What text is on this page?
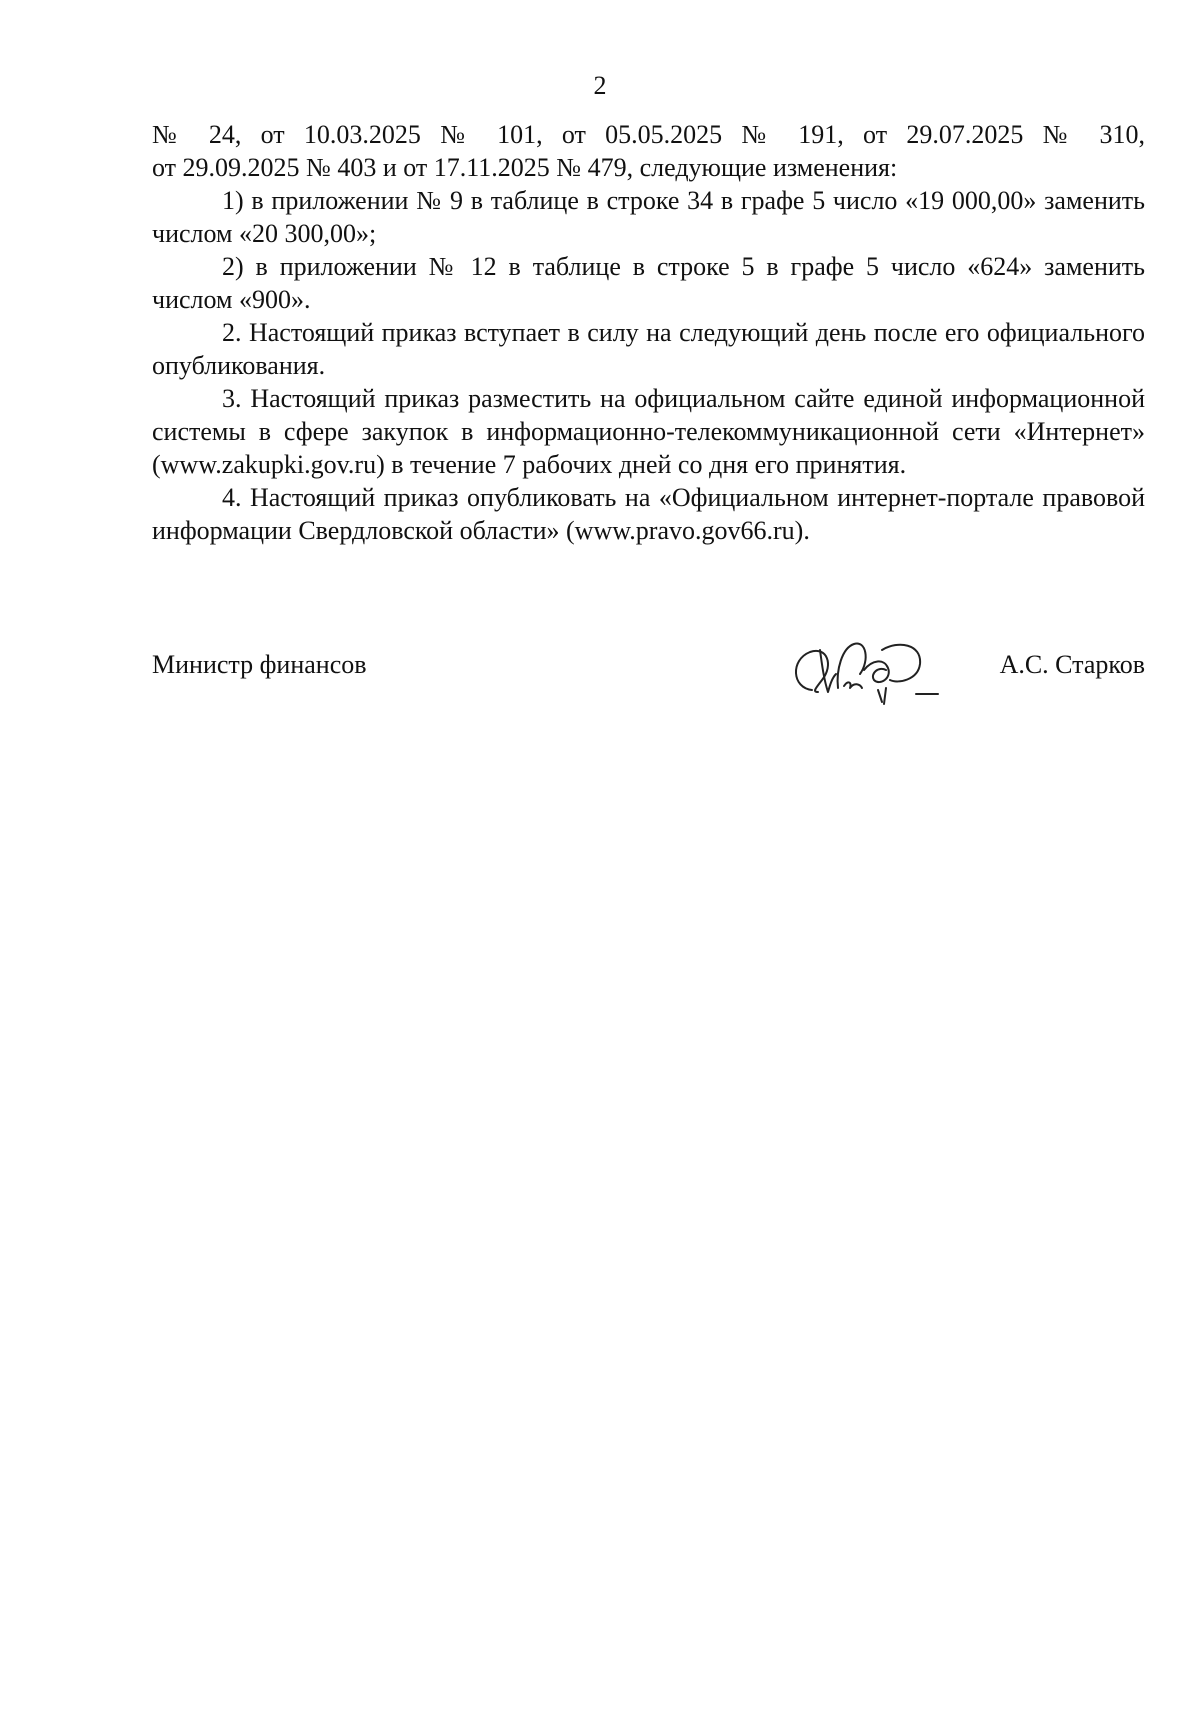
2

№ 24, от 10.03.2025 № 101, от 05.05.2025 № 191, от 29.07.2025 № 310,

от 29.09.2025 № 403 и от 17.11.2025 № 479, следующие изменения:

1) в приложении № 9 в таблице в строке 34 в графе 5 число «19 000,00» заменить числом «20 300,00»;

2) в приложении № 12 в таблице в строке 5 в графе 5 число «624» заменить числом «900».

2. Настоящий приказ вступает в силу на следующий день после его официального опубликования.

3. Настоящий приказ разместить на официальном сайте единой информационной системы в сфере закупок в информационно-телекоммуникационной сети «Интернет» (www.zakupki.gov.ru) в течение 7 рабочих дней со дня его принятия.

4. Настоящий приказ опубликовать на «Официальном интернет-портале правовой информации Свердловской области» (www.pravo.gov66.ru).

Министр финансов	А.С. Старков
